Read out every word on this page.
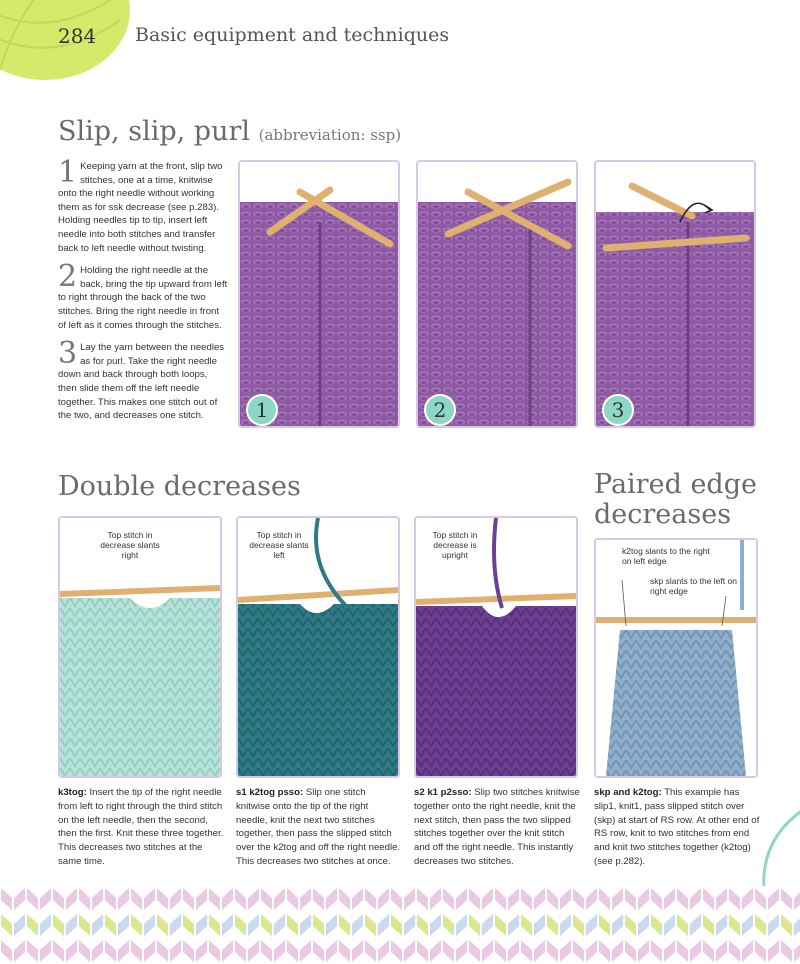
284 Basic equipment and techniques
Slip, slip, purl (abbreviation: ssp)
1 Keeping yarn at the front, slip two stitches, one at a time, knitwise onto the right needle without working them as for ssk decrease (see p.283). Holding needles tip to tip, insert left needle into both stitches and transfer back to left needle without twisting.
2 Holding the right needle at the back, bring the tip upward from left to right through the back of the two stitches. Bring the right needle in front of left as it comes through the stitches.
3 Lay the yarn between the needles as for purl. Take the right needle down and back through both loops, then slide them off the left needle together. This makes one stitch out of the two, and decreases one stitch.	1	2	3
Double decreases	Paired edge
decreases
Top stitch in decrease slants right
Top stitch in decrease slants left
Top stitch in decrease is upright	k2tog slants to the right on left edge
skp slants to the left on right edge
k3tog: Insert the tip of the right needle from left to right through the third stitch on the left needle, then the second, then the first. Knit these three together. This decreases two stitches at the same time.
s1 k2tog psso: Slip one stitch knitwise onto the tip of the right needle, knit the next two stitches together, then pass the slipped stitch over the k2tog and off the right needle. This decreases two stitches at once.
s2 k1 p2sso: Slip two stitches knitwise together onto the right needle, knit the next stitch, then pass the two slipped stitches together over the knit stitch and off the right needle. This instantly decreases two stitches.
skp and k2tog: This example has slip1, knit1, pass slipped stitch over (skp) at start of RS row. At other end of RS row, knit to two stitches from end and knit two stitches together (k2tog) (see p.282).
